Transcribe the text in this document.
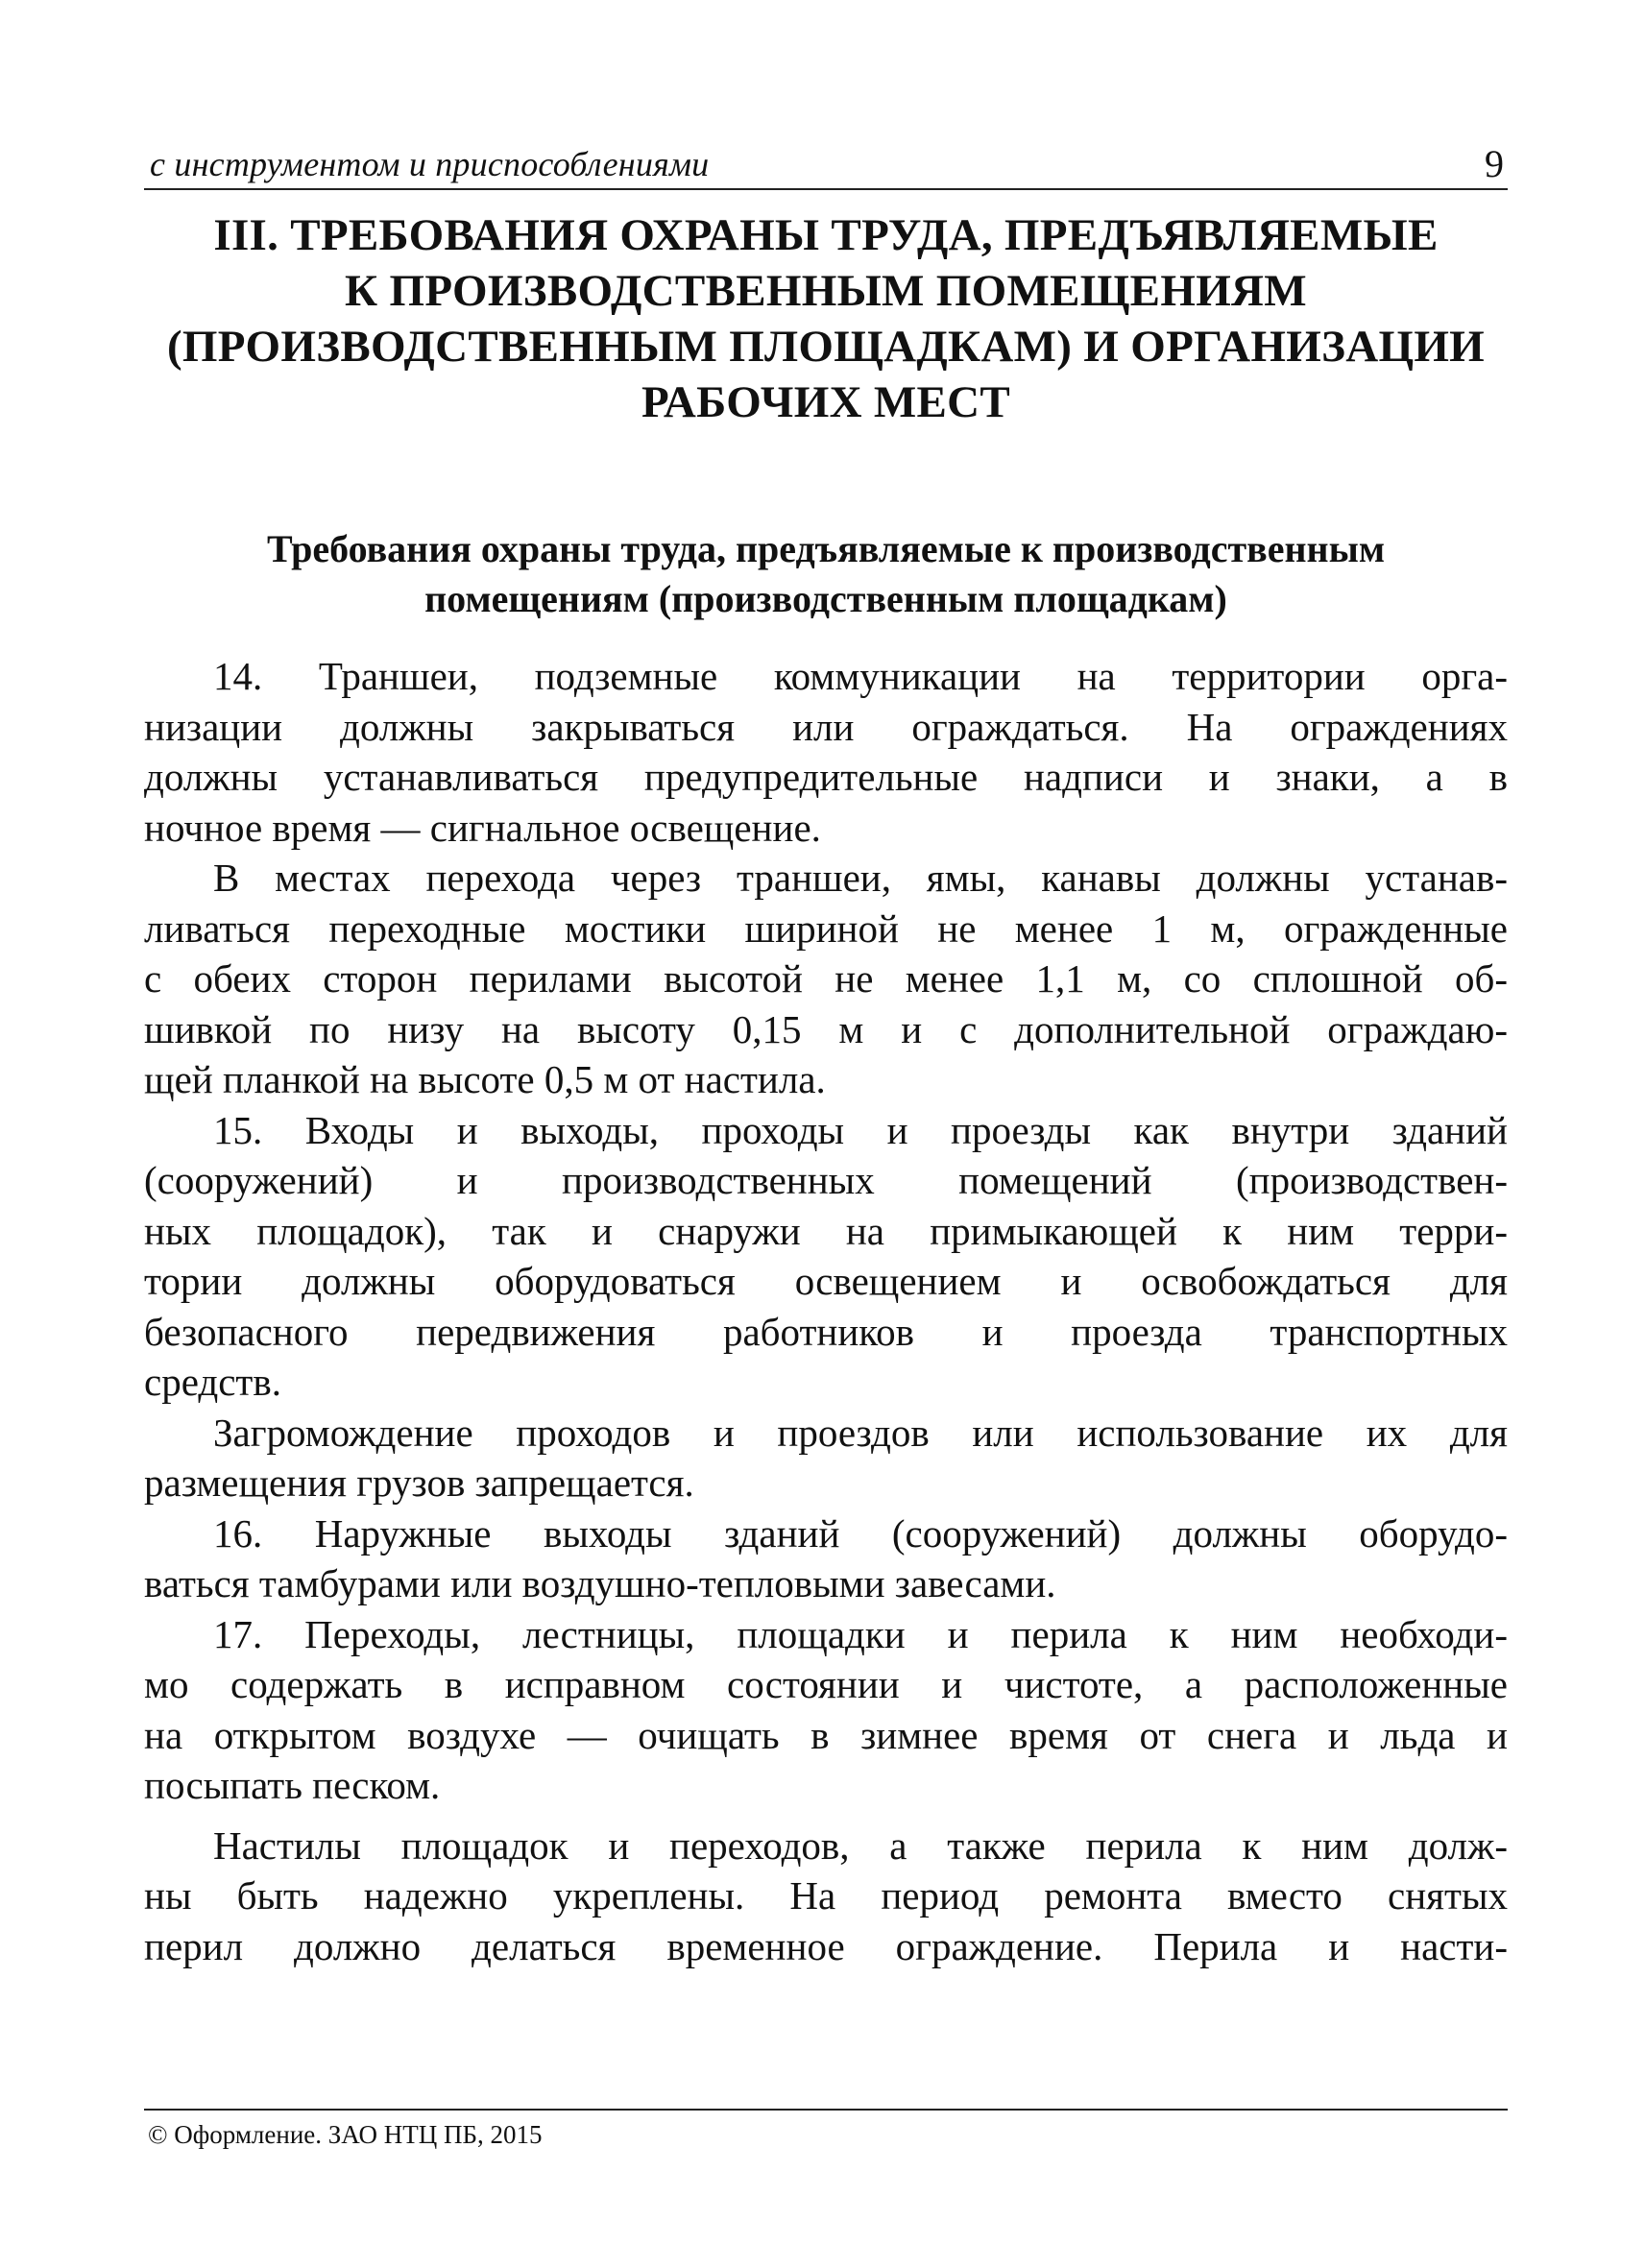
с инструментом и приспособлениями	9
III. ТРЕБОВАНИЯ ОХРАНЫ ТРУДА, ПРЕДЪЯВЛЯЕМЫЕ
К ПРОИЗВОДСТВЕННЫМ ПОМЕЩЕНИЯМ
(ПРОИЗВОДСТВЕННЫМ ПЛОЩАДКАМ) И ОРГАНИЗАЦИИ
РАБОЧИХ МЕСТ
Требования охраны труда, предъявляемые к производственным
помещениям (производственным площадкам)

14. Траншеи, подземные коммуникации на территории орга-
низации должны закрываться или ограждаться. На ограждениях
должны устанавливаться предупредительные надписи и знаки, а в
ночное время — сигнальное освещение.

В местах перехода через траншеи, ямы, канавы должны устанав-
ливаться переходные мостики шириной не менее 1 м, огражденные
с обеих сторон перилами высотой не менее 1,1 м, со сплошной об-
шивкой по низу на высоту 0,15 м и с дополнительной ограждаю-
щей планкой на высоте 0,5 м от настила.

15. Входы и выходы, проходы и проезды как внутри зданий
(сооружений) и производственных помещений (производствен-
ных площадок), так и снаружи на примыкающей к ним терри-
тории должны оборудоваться освещением и освобождаться для
безопасного передвижения работников и проезда транспортных
средств.

Загромождение проходов и проездов или использование их для
размещения грузов запрещается.

16. Наружные выходы зданий (сооружений) должны оборудо-
ваться тамбурами или воздушно-тепловыми завесами.

17. Переходы, лестницы, площадки и перила к ним необходи-
мо содержать в исправном состоянии и чистоте, а расположенные
на открытом воздухе — очищать в зимнее время от снега и льда и
посыпать песком.

Настилы площадок и переходов, а также перила к ним долж-
ны быть надежно укреплены. На период ремонта вместо снятых
перил должно делаться временное ограждение. Перила и насти-

© Оформление. ЗАО НТЦ ПБ, 2015
